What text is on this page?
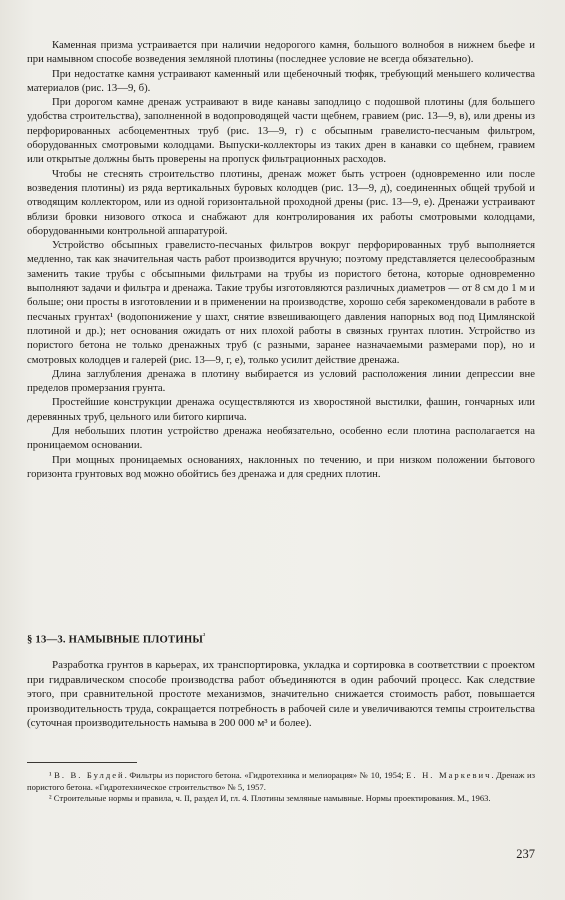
Каменная призма устраивается при наличии недорогого камня, большого волнобоя в нижнем бьефе и при намывном способе возведения земляной плотины (последнее условие не всегда обязательно).

При недостатке камня устраивают каменный или щебеночный тюфяк, требующий меньшего количества материалов (рис. 13—9, б).

При дорогом камне дренаж устраивают в виде канавы заподлицо с подошвой плотины (для большего удобства строительства), заполненной в водопроводящей части щебнем, гравием (рис. 13—9, в), или дрены из перфорированных асбоцементных труб (рис. 13—9, г) с обсыпным гравелисто-песчаным фильтром, оборудованных смотровыми колодцами. Выпуски-коллекторы из таких дрен в канавки со щебнем, гравием или открытые должны быть проверены на пропуск фильтрационных расходов.

Чтобы не стеснять строительство плотины, дренаж может быть устроен (одновременно или после возведения плотины) из ряда вертикальных буровых колодцев (рис. 13—9, д), соединенных общей трубой и отводящим коллектором, или из одной горизонтальной проходной дрены (рис. 13—9, е). Дренажи устраивают вблизи бровки низового откоса и снабжают для контролирования их работы смотровыми колодцами, оборудованными контрольной аппаратурой.

Устройство обсыпных гравелисто-песчаных фильтров вокруг перфорированных труб выполняется медленно, так как значительная часть работ производится вручную; поэтому представляется целесообразным заменить такие трубы с обсыпными фильтрами на трубы из пористого бетона, которые одновременно выполняют задачи и фильтра и дренажа. Такие трубы изготовляются различных диаметров — от 8 см до 1 м и больше; они просты в изготовлении и в применении на производстве, хорошо себя зарекомендовали в работе в песчаных грунтах¹ (водопонижение у шахт, снятие взвешивающего давления напорных вод под Цимлянской плотиной и др.); нет основания ожидать от них плохой работы в связных грунтах плотин. Устройство из пористого бетона не только дренажных труб (с разными, заранее назначаемыми размерами пор), но и смотровых колодцев и галерей (рис. 13—9, г, е), только усилит действие дренажа.

Длина заглубления дренажа в плотину выбирается из условий расположения линии депрессии вне пределов промерзания грунта.

Простейшие конструкции дренажа осуществляются из хворостяной выстилки, фашин, гончарных или деревянных труб, цельного или битого кирпича.

Для небольших плотин устройство дренажа необязательно, особенно если плотина располагается на проницаемом основании.

При мощных проницаемых основаниях, наклонных по течению, и при низком положении бытового горизонта грунтовых вод можно обойтись без дренажа и для средних плотин.

§ 13—3. НАМЫВНЫЕ $ПЛОТИНЫ^{^2}$

Разработка грунтов в карьерах, их транспортировка, укладка и сортировка в соответствии с проектом при гидравлическом способе производства работ объединяются в один рабочий процесс. Как следствие этого, при сравнительной простоте механизмов, значительно снижается стоимость работ, повышается производительность труда, сокращается потребность в рабочей силе и увеличиваются темпы строительства (суточная производительность намыва в 200 000 м³ и более).

¹ В. В. Булдей. Фильтры из пористого бетона. «Гидротехника и мелиорация» № 10, 1954; Е. Н. Маркевич. Дренаж из пористого бетона. «Гидротехническое строительство» № 5, 1957.

² Строительные нормы и правила, ч. II, раздел И, гл. 4. Плотины земляные намывные. Нормы проектирования. М., 1963.

237
